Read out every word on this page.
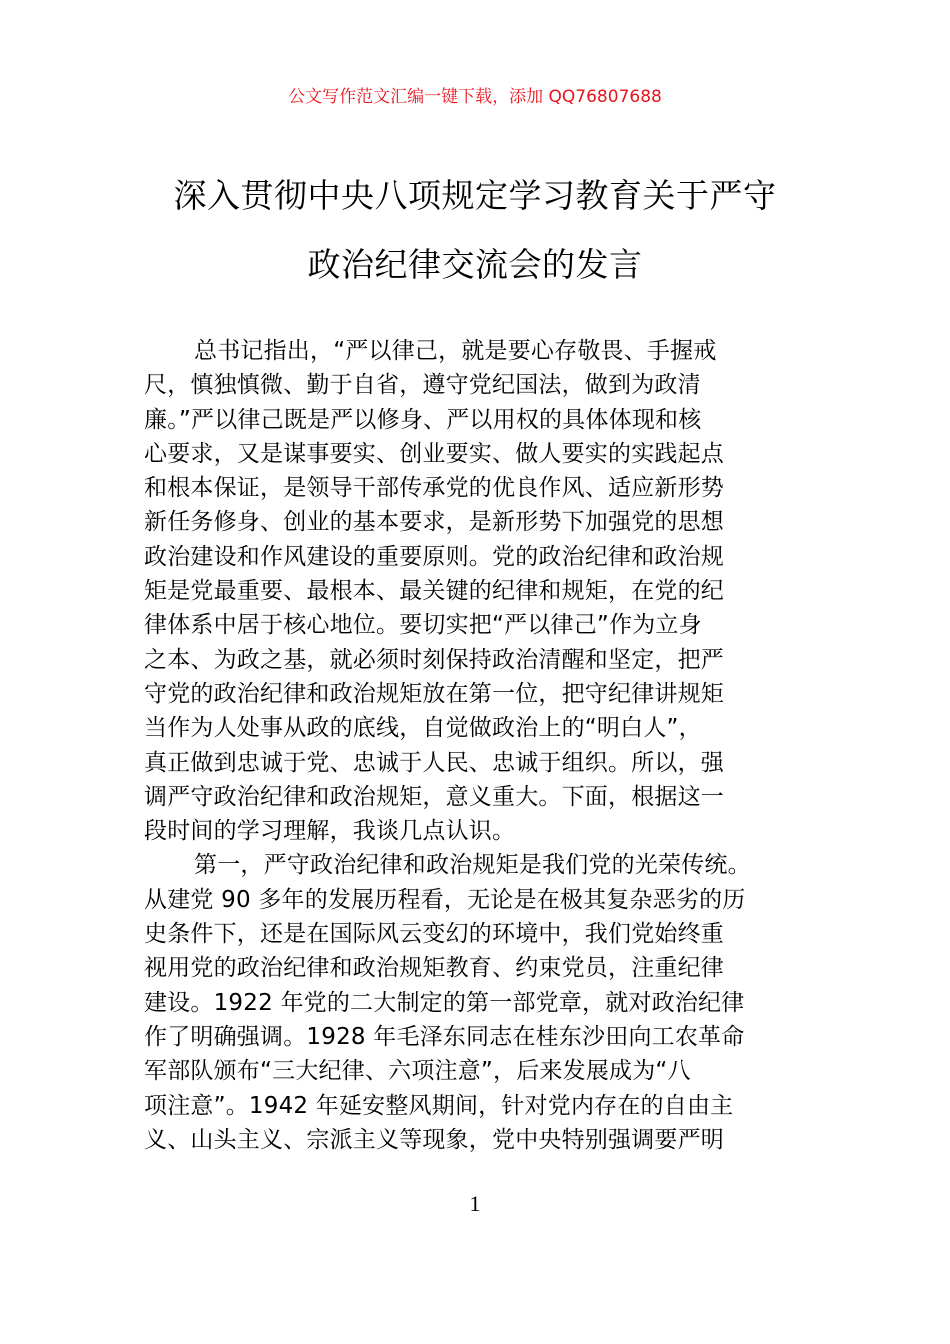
公文写作范文汇编一键下载，添加 QQ76807688
深入贯彻中央八项规定学习教育关于严守
政治纪律交流会的发言
总书记指出，“严以律己，就是要心存敬畏、手握戒
尺，慎独慎微、勤于自省，遵守党纪国法，做到为政清
廉。”严以律己既是严以修身、严以用权的具体体现和核
心要求，又是谋事要实、创业要实、做人要实的实践起点
和根本保证，是领导干部传承党的优良作风、适应新形势
新任务修身、创业的基本要求，是新形势下加强党的思想
政治建设和作风建设的重要原则。党的政治纪律和政治规
矩是党最重要、最根本、最关键的纪律和规矩，在党的纪
律体系中居于核心地位。要切实把“严以律己”作为立身
之本、为政之基，就必须时刻保持政治清醒和坚定，把严
守党的政治纪律和政治规矩放在第一位，把守纪律讲规矩
当作为人处事从政的底线，自觉做政治上的“明白人”，
真正做到忠诚于党、忠诚于人民、忠诚于组织。所以，强
调严守政治纪律和政治规矩，意义重大。下面，根据这一
段时间的学习理解，我谈几点认识。
第一，严守政治纪律和政治规矩是我们党的光荣传统。
从建党 90 多年的发展历程看，无论是在极其复杂恶劣的历
史条件下，还是在国际风云变幻的环境中，我们党始终重
视用党的政治纪律和政治规矩教育、约束党员，注重纪律
建设。1922 年党的二大制定的第一部党章，就对政治纪律
作了明确强调。1928 年毛泽东同志在桂东沙田向工农革命
军部队颁布“三大纪律、六项注意”，后来发展成为“八
项注意”。1942 年延安整风期间，针对党内存在的自由主
义、山头主义、宗派主义等现象，党中央特别强调要严明
1
